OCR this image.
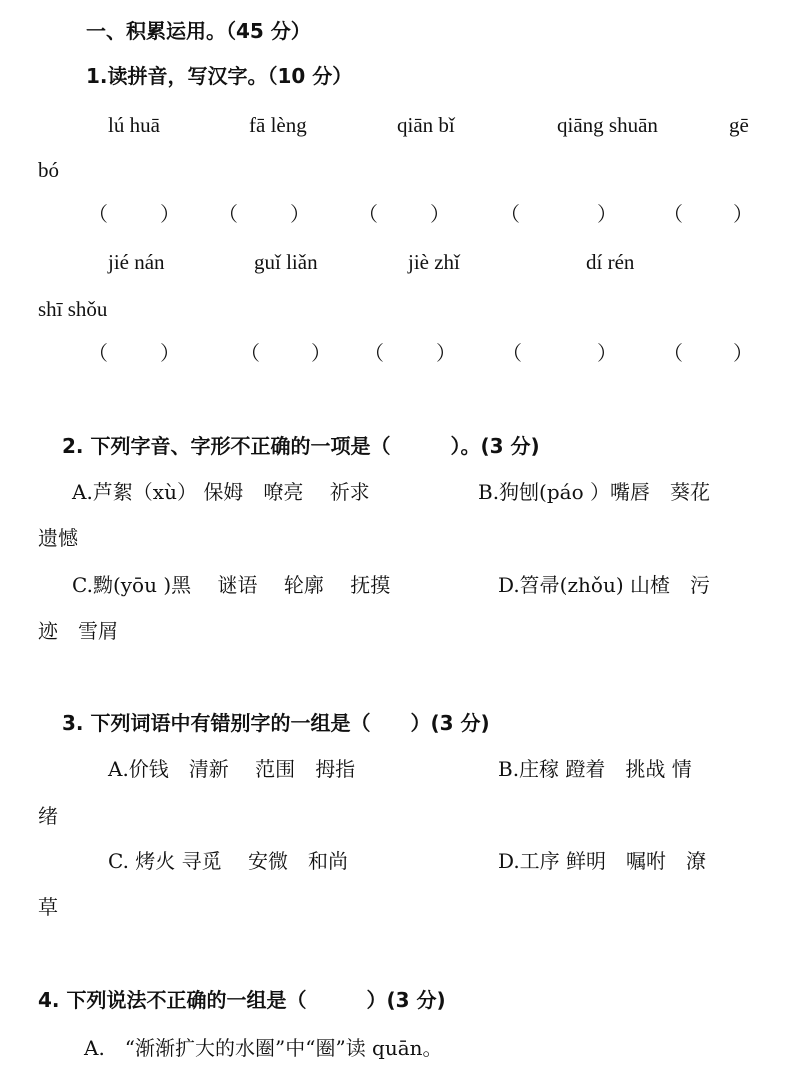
一、积累运用。（45 分）
1.读拼音，写汉字。（10 分）
lú huā	fā lèng	qiān bǐ	qiāng shuān	gē
bó
（	） （	） （	）	（	） （	）
jié nán	guǐ liǎn	jiè zhǐ	dí rén
shī shǒu
（	）	（	） （	） （	） （	）
2. 下列字音、字形不正确的一项是（　　　）。(3 分)
A.芦絮（xù） 保姆　嘹亮　 祈求	B.狗刨(páo ）嘴唇　葵花
遗憾
C.黝(yōu )黑　 谜语　 轮廓　 抚摸	D.笤帚(zhǒu) 山楂　污
迹　雪屑
3. 下列词语中有错别字的一组是（　　）(3 分)
A.价钱　清新　 范围　拇指	B.庄稼 蹬着　挑战 情
绪
C. 烤火 寻觅　 安微　和尚	D.工序 鲜明　嘱咐　潦
草
4. 下列说法不正确的一组是（　　　）(3 分)
A.　“渐渐扩大的水圈”中“圈”读 quān。
